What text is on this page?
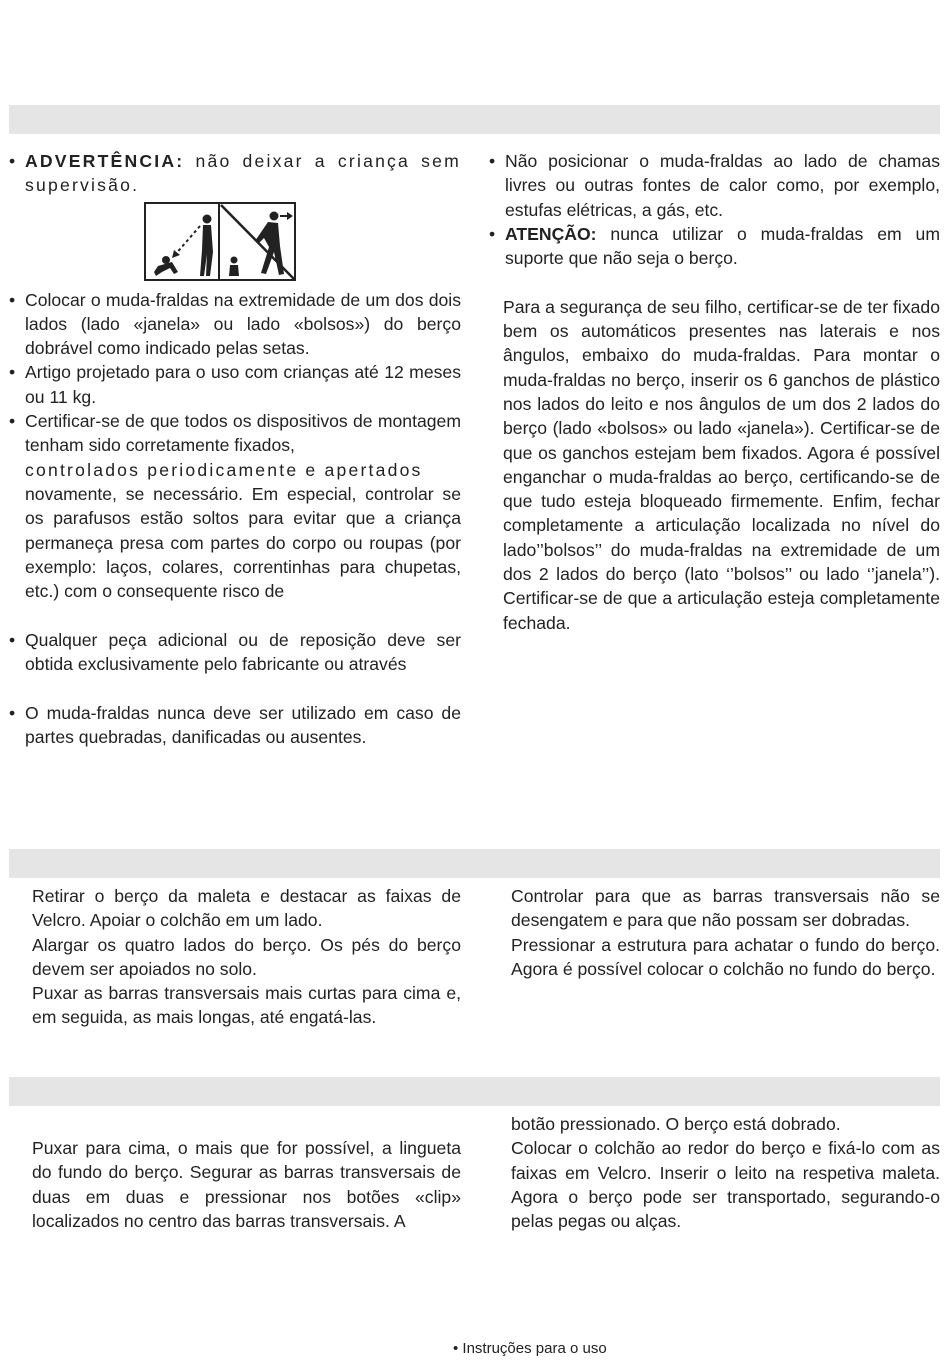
• ADVERTÊNCIA: não deixar a criança sem supervisão.

• Colocar o muda-fraldas na extremidade de um dos dois lados (lado «janela» ou lado «bolsos») do berço dobrável como indicado pelas setas.

• Artigo projetado para o uso com crianças até 12 meses ou 11 kg.

• Certificar-se de que todos os dispositivos de montagem tenham sido corretamente fixados,

controlados periodicamente e apertados

novamente, se necessário. Em especial, controlar se os parafusos estão soltos para evitar que a criança permaneça presa com partes do corpo ou roupas (por exemplo: laços, colares, correntinhas para chupetas, etc.) com o consequente risco de

• Qualquer peça adicional ou de reposição deve ser obtida exclusivamente pelo fabricante ou através

• O muda-fraldas nunca deve ser utilizado em caso de partes quebradas, danificadas ou ausentes.

• Não posicionar o muda-fraldas ao lado de chamas livres ou outras fontes de calor como, por exemplo, estufas elétricas, a gás, etc.

• ATENÇÃO: nunca utilizar o muda-fraldas em um suporte que não seja o berço.

Para a segurança de seu filho, certificar-se de ter fixado bem os automáticos presentes nas laterais e nos ângulos, embaixo do muda-fraldas. Para montar o muda-fraldas no berço, inserir os 6 ganchos de plástico nos lados do leito e nos ângulos de um dos 2 lados do berço (lado «bolsos» ou lado «janela»). Certificar-se de que os ganchos estejam bem fixados. Agora é possível enganchar o muda-fraldas ao berço, certificando-se de que tudo esteja bloqueado firmemente. Enfim, fechar completamente a articulação localizada no nível do lado’’bolsos’’ do muda-fraldas na extremidade de um dos 2 lados do berço (lato ‘’bolsos’’ ou lado ‘’janela’’). Certificar-se de que a articulação esteja completamente fechada.

Retirar o berço da maleta e destacar as faixas de Velcro. Apoiar o colchão em um lado.

Alargar os quatro lados do berço. Os pés do berço devem ser apoiados no solo.

Puxar as barras transversais mais curtas para cima e, em seguida, as mais longas, até engatá-las.

Controlar para que as barras transversais não se desengatem e para que não possam ser dobradas.

Pressionar a estrutura para achatar o fundo do berço. Agora é possível colocar o colchão no fundo do berço.

Puxar para cima, o mais que for possível, a lingueta do fundo do berço. Segurar as barras transversais de duas em duas e pressionar nos botões «clip» localizados no centro das barras transversais. A

botão pressionado. O berço está dobrado.

Colocar o colchão ao redor do berço e fixá-lo com as faixas em Velcro. Inserir o leito na respetiva maleta. Agora o berço pode ser transportado, segurando-o pelas pegas ou alças.

• Instruções para o uso
